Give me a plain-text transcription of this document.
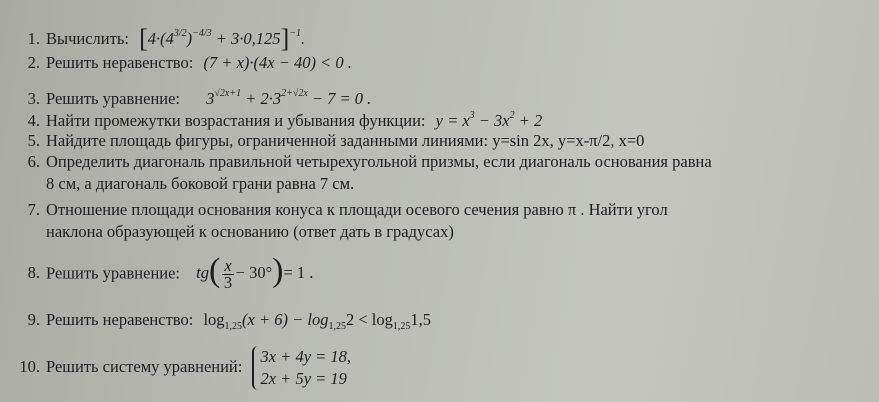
1. Вычислить: $[4\cdot(4^{3/2})^{-4/3} + 3\cdot 0,125]^{-1}$.
2. Решить неравенство: (7 + x)·(4x − 40) < 0 .
3. Решить уравнение: $3^{√2x+1} + 2\cdot 3^{2+√2x} - 7 = 0$ .
4. Найти промежутки возрастания и убывания функции: $y = x^3 - 3x^2 + 2$
5. Найдите площадь фигуры, ограниченной заданными линиями: y=sin 2x, y=x-π/2, x=0
6. Определить диагональ правильной четырехугольной призмы, если диагональ основания равна
8 см, а диагональ боковой грани равна 7 см.
7. Отношение площади основания конуса к площади осевого сечения равно π . Найти угол
наклона образующей к основанию (ответ дать в градусах)
8. Решить уравнение: $tg( \frac{x}{3} - 30^\circ)= 1$ .
9. Решить неравенство: $\log_{1,25}(x + 6) - \log_{1,25}2 < \log_{1,25}1,5$
10. Решить систему уравнений:
3x + 4y = 18,
2x + 5y = 19
